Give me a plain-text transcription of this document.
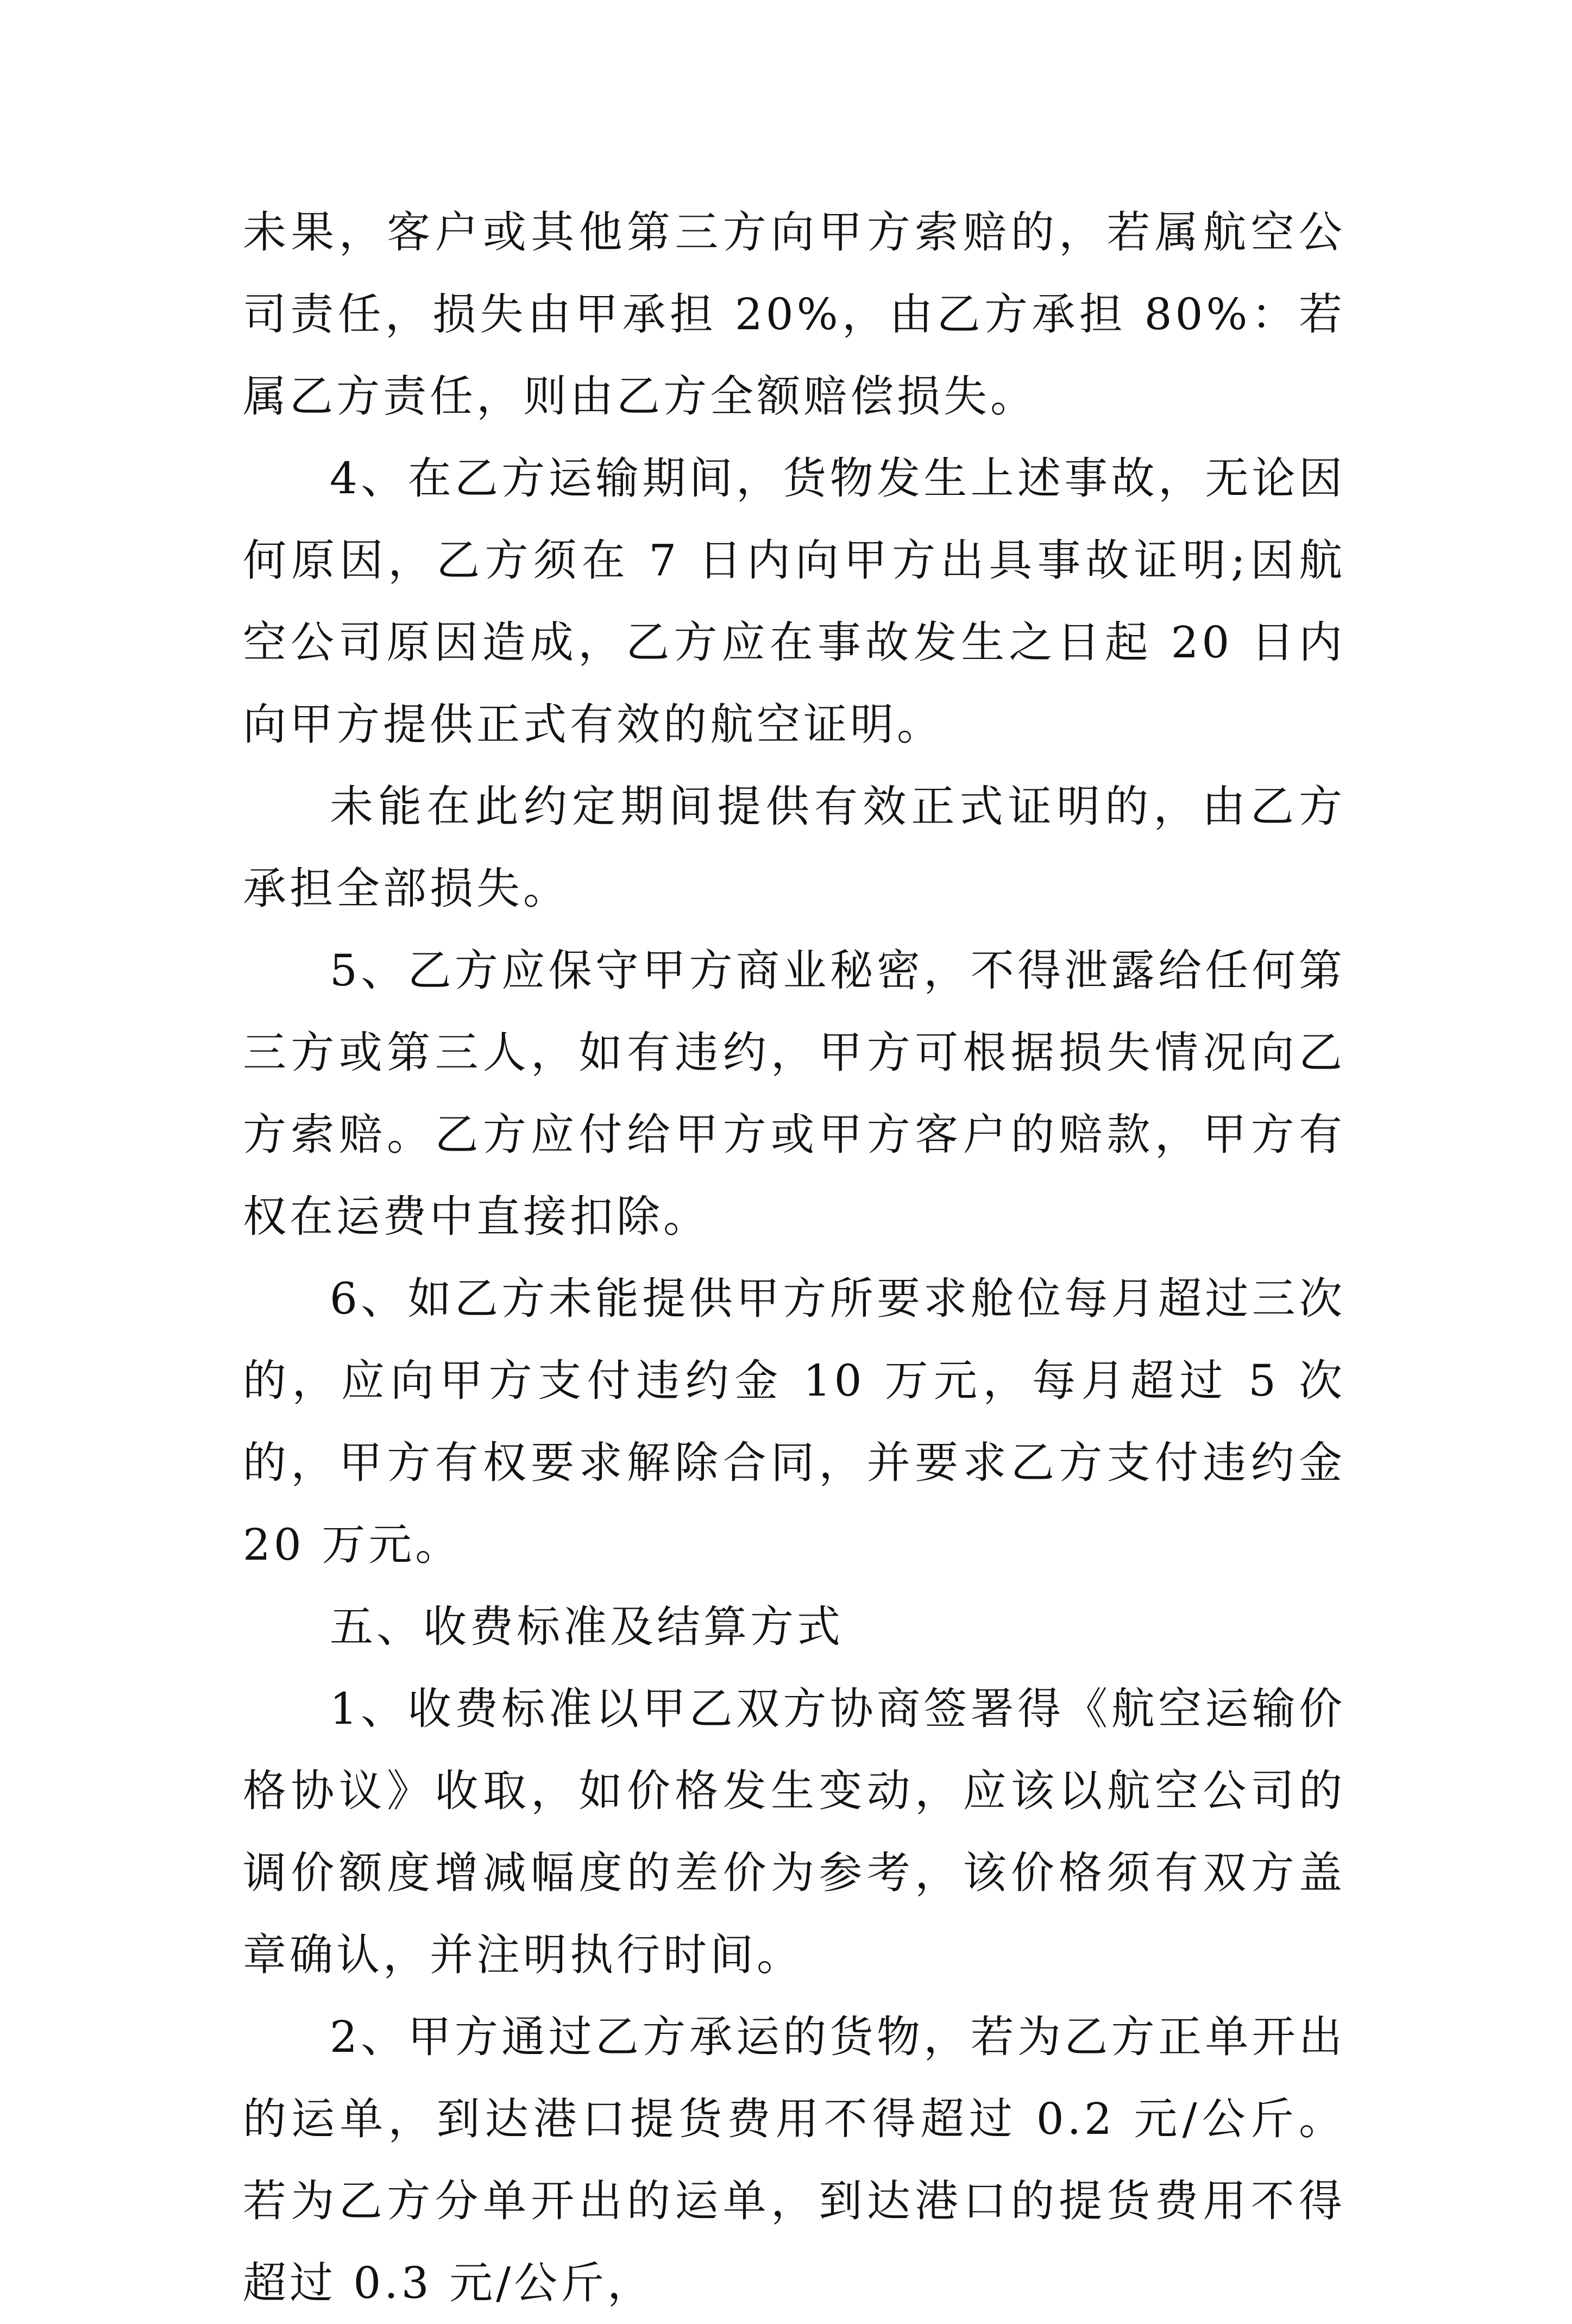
未果，客户或其他第三方向甲方索赔的，若属航空公司责任，损失由甲承担 20%，由乙方承担 80%：若属乙方责任，则由乙方全额赔偿损失。

4、在乙方运输期间，货物发生上述事故，无论因何原因，乙方须在 7 日内向甲方出具事故证明;因航空公司原因造成，乙方应在事故发生之日起 20 日内向甲方提供正式有效的航空证明。

未能在此约定期间提供有效正式证明的，由乙方承担全部损失。

5、乙方应保守甲方商业秘密，不得泄露给任何第三方或第三人，如有违约，甲方可根据损失情况向乙方索赔。乙方应付给甲方或甲方客户的赔款，甲方有权在运费中直接扣除。

6、如乙方未能提供甲方所要求舱位每月超过三次的，应向甲方支付违约金 10 万元，每月超过 5 次的，甲方有权要求解除合同，并要求乙方支付违约金 20 万元。

五、收费标准及结算方式

1、收费标准以甲乙双方协商签署得《航空运输价格协议》收取，如价格发生变动，应该以航空公司的调价额度增减幅度的差价为参考，该价格须有双方盖章确认，并注明执行时间。

2、甲方通过乙方承运的货物，若为乙方正单开出的运单，到达港口提货费用不得超过 0.2 元/公斤。若为乙方分单开出的运单，到达港口的提货费用不得超过 0.3 元/公斤，
